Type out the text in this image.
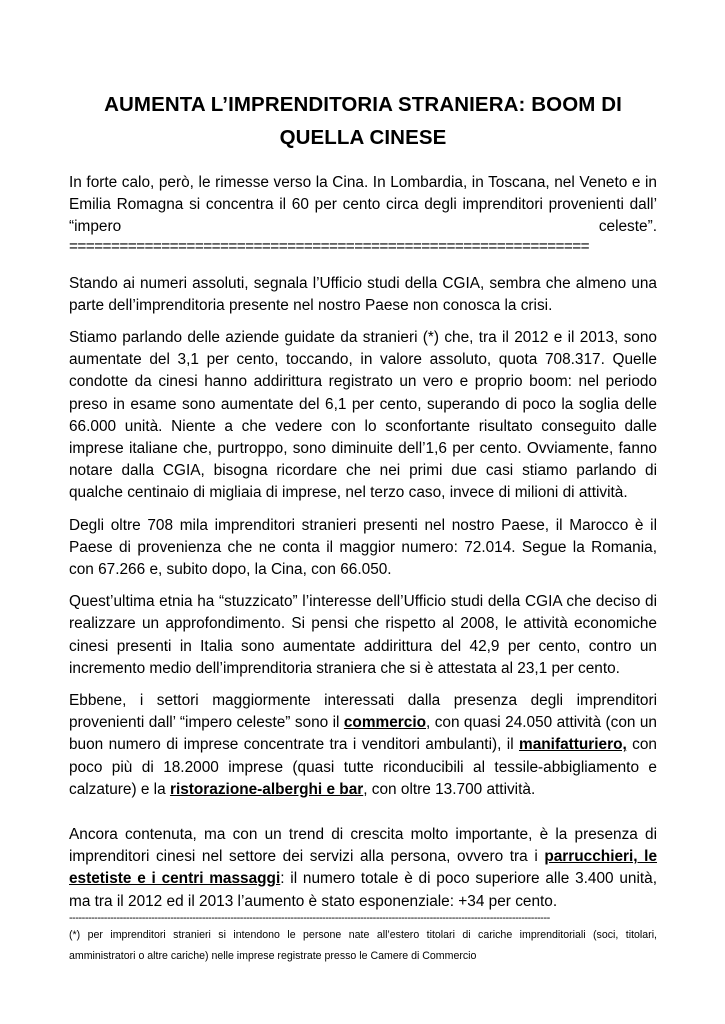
AUMENTA L’IMPRENDITORIA STRANIERA: BOOM DI
QUELLA CINESE

In forte calo, però, le rimesse verso la Cina. In Lombardia, in Toscana, nel Veneto e in Emilia Romagna si concentra il 60 per cento circa degli imprenditori provenienti dall’ “impero celeste”.

==============================================================

Stando ai numeri assoluti, segnala l’Ufficio studi della CGIA, sembra che almeno una parte dell’imprenditoria presente nel nostro Paese non conosca la crisi.

Stiamo parlando delle aziende guidate da stranieri (*) che, tra il 2012 e il 2013, sono aumentate del 3,1 per cento, toccando, in valore assoluto, quota 708.317. Quelle condotte da cinesi hanno addirittura registrato un vero e proprio boom: nel periodo preso in esame sono aumentate del 6,1 per cento, superando di poco la soglia delle 66.000 unità. Niente a che vedere con lo sconfortante risultato conseguito dalle imprese italiane che, purtroppo, sono diminuite dell’1,6 per cento. Ovviamente, fanno notare dalla CGIA, bisogna ricordare che nei primi due casi stiamo parlando di qualche centinaio di migliaia di imprese, nel terzo caso, invece di milioni di attività.

Degli oltre 708 mila imprenditori stranieri presenti nel nostro Paese, il Marocco è il Paese di provenienza che ne conta il maggior numero: 72.014. Segue la Romania, con 67.266 e, subito dopo, la Cina, con 66.050.

Quest’ultima etnia ha “stuzzicato” l’interesse dell’Ufficio studi della CGIA che deciso di realizzare un approfondimento. Si pensi che rispetto al 2008, le attività economiche cinesi presenti in Italia sono aumentate addirittura del 42,9 per cento, contro un incremento medio dell’imprenditoria straniera che si è attestata al 23,1 per cento.

Ebbene, i settori maggiormente interessati dalla presenza degli imprenditori provenienti dall’ “impero celeste” sono il commercio, con quasi 24.050 attività (con un buon numero di imprese concentrate tra i venditori ambulanti), il manifatturiero, con poco più di 18.2000 imprese (quasi tutte riconducibili al tessile-abbigliamento e calzature) e la ristorazione-alberghi e bar, con oltre 13.700 attività.

Ancora contenuta, ma con un trend di crescita molto importante, è la presenza di imprenditori cinesi nel settore dei servizi alla persona, ovvero tra i parrucchieri, le estetiste e i centri massaggi: il numero totale è di poco superiore alle 3.400 unità, ma tra il 2012 ed il 2013 l’aumento è stato esponenziale: +34 per cento.

--------------------------------------------------------------------------------------------------------------------------------------------------------

(*) per imprenditori stranieri si intendono le persone nate all’estero titolari di cariche imprenditoriali (soci, titolari, amministratori o altre cariche) nelle imprese registrate presso le Camere di Commercio
